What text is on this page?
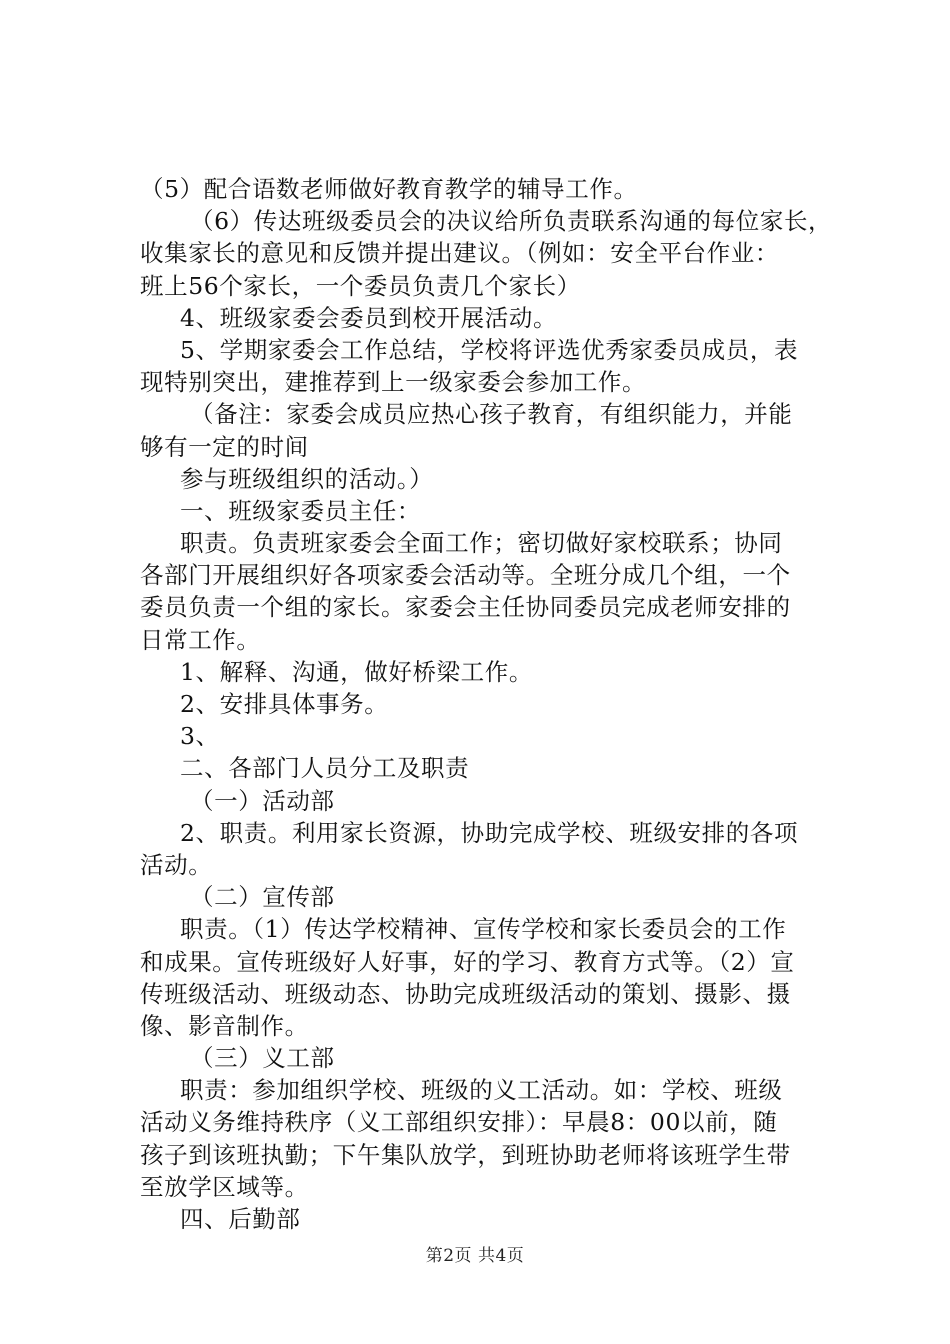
（5）配合语数老师做好教育教学的辅导工作。
（6）传达班级委员会的决议给所负责联系沟通的每位家长，
收集家长的意见和反馈并提出建议。（例如：安全平台作业：
班上56个家长，一个委员负责几个家长）
4、班级家委会委员到校开展活动。
5、学期家委会工作总结，学校将评选优秀家委员成员，表
现特别突出，建推荐到上一级家委会参加工作。
（备注：家委会成员应热心孩子教育，有组织能力，并能
够有一定的时间
参与班级组织的活动。）
一、班级家委员主任：
职责。负责班家委会全面工作；密切做好家校联系；协同
各部门开展组织好各项家委会活动等。全班分成几个组，一个
委员负责一个组的家长。家委会主任协同委员完成老师安排的
日常工作。
1、解释、沟通，做好桥梁工作。
2、安排具体事务。
3、
二、各部门人员分工及职责
（一）活动部
2、职责。利用家长资源，协助完成学校、班级安排的各项
活动。
（二）宣传部
职责。（1）传达学校精神、宣传学校和家长委员会的工作
和成果。宣传班级好人好事，好的学习、教育方式等。（2）宣
传班级活动、班级动态、协助完成班级活动的策划、摄影、摄
像、影音制作。
（三）义工部
职责：参加组织学校、班级的义工活动。如：学校、班级
活动义务维持秩序（义工部组织安排）：早晨8：00以前，随
孩子到该班执勤；下午集队放学，到班协助老师将该班学生带
至放学区域等。
四、后勤部
第2页 共4页
